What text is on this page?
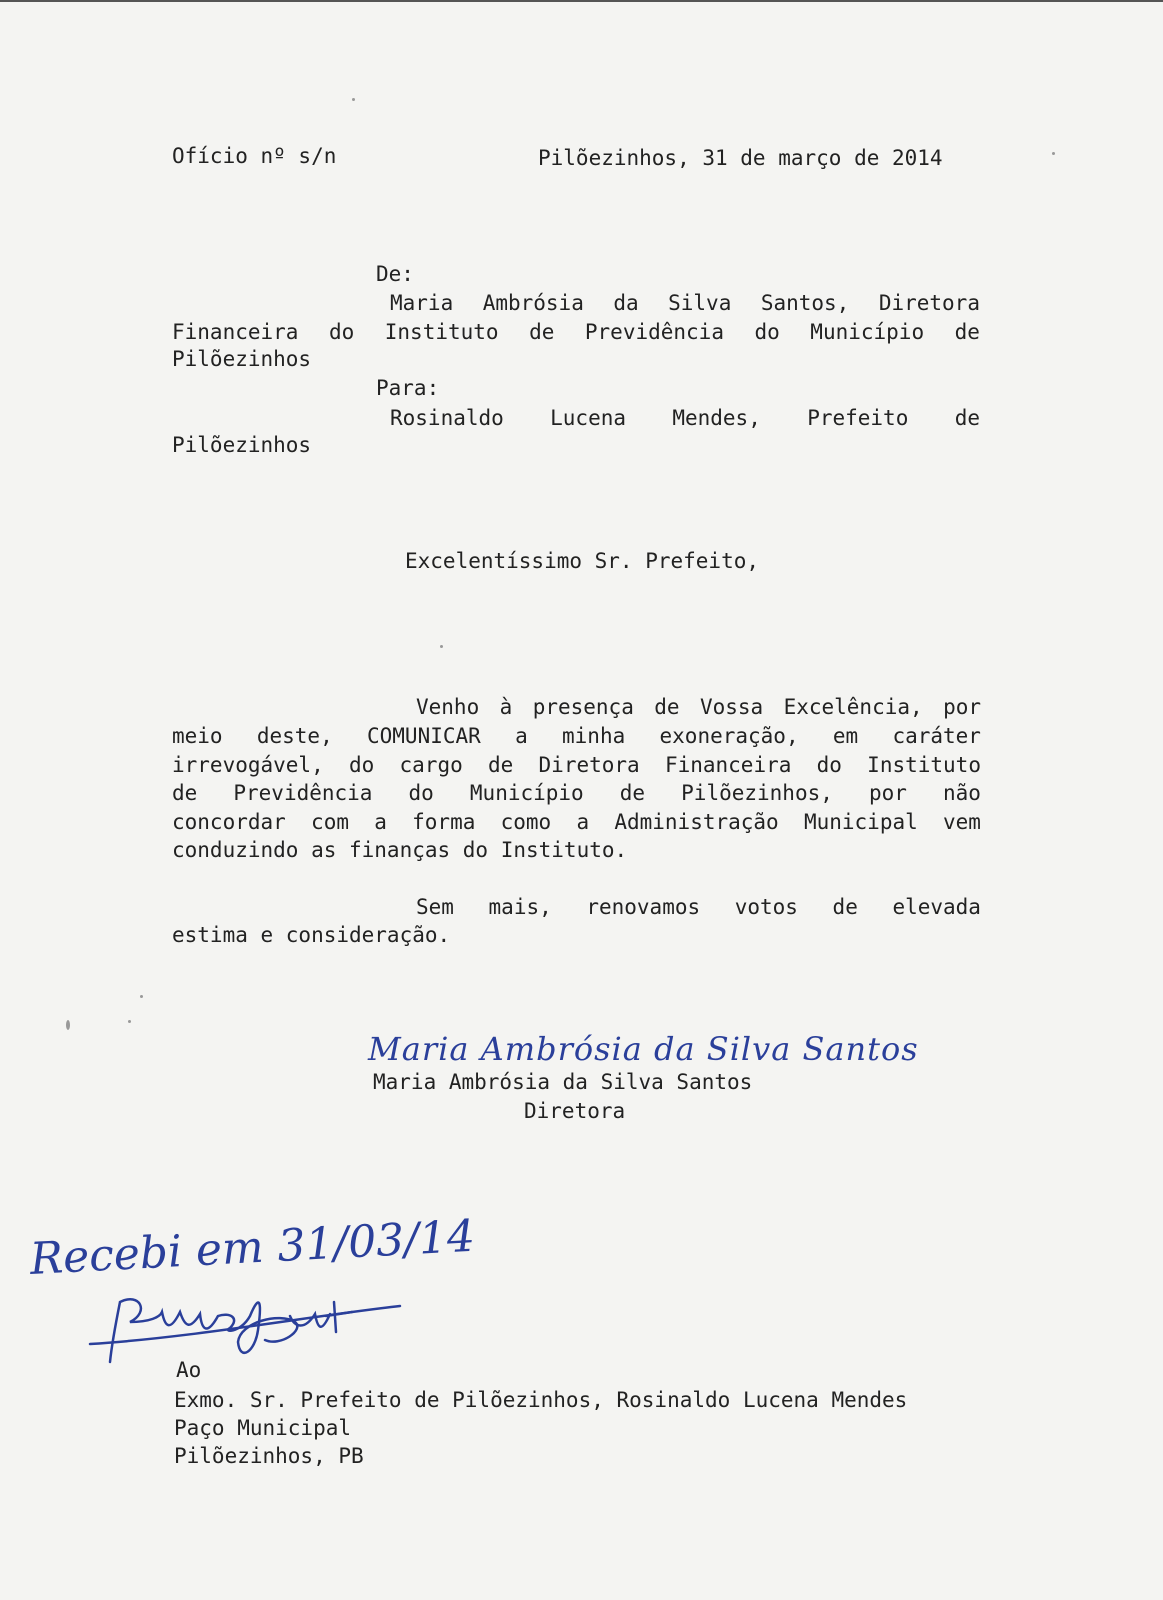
Ofício nº s/n	Pilõezinhos, 31 de março de 2014
De:
Maria Ambrósia da Silva Santos, Diretora
Financeira do Instituto de Previdência do Município de
Pilõezinhos
Para:
Rosinaldo Lucena Mendes, Prefeito de
Pilõezinhos
Excelentíssimo Sr. Prefeito,
Venho à presença de Vossa Excelência, por
meio deste, COMUNICAR a minha exoneração, em caráter
irrevogável, do cargo de Diretora Financeira do Instituto
de Previdência do Município de Pilõezinhos, por não
concordar com a forma como a Administração Municipal vem
conduzindo as finanças do Instituto.
Sem mais, renovamos votos de elevada
estima e consideração.
Maria Ambrósia da Silva Santos
Maria Ambrósia da Silva Santos
Diretora
Recebi em 31/03/14
Ao
Exmo. Sr. Prefeito de Pilõezinhos, Rosinaldo Lucena Mendes
Paço Municipal
Pilõezinhos, PB
